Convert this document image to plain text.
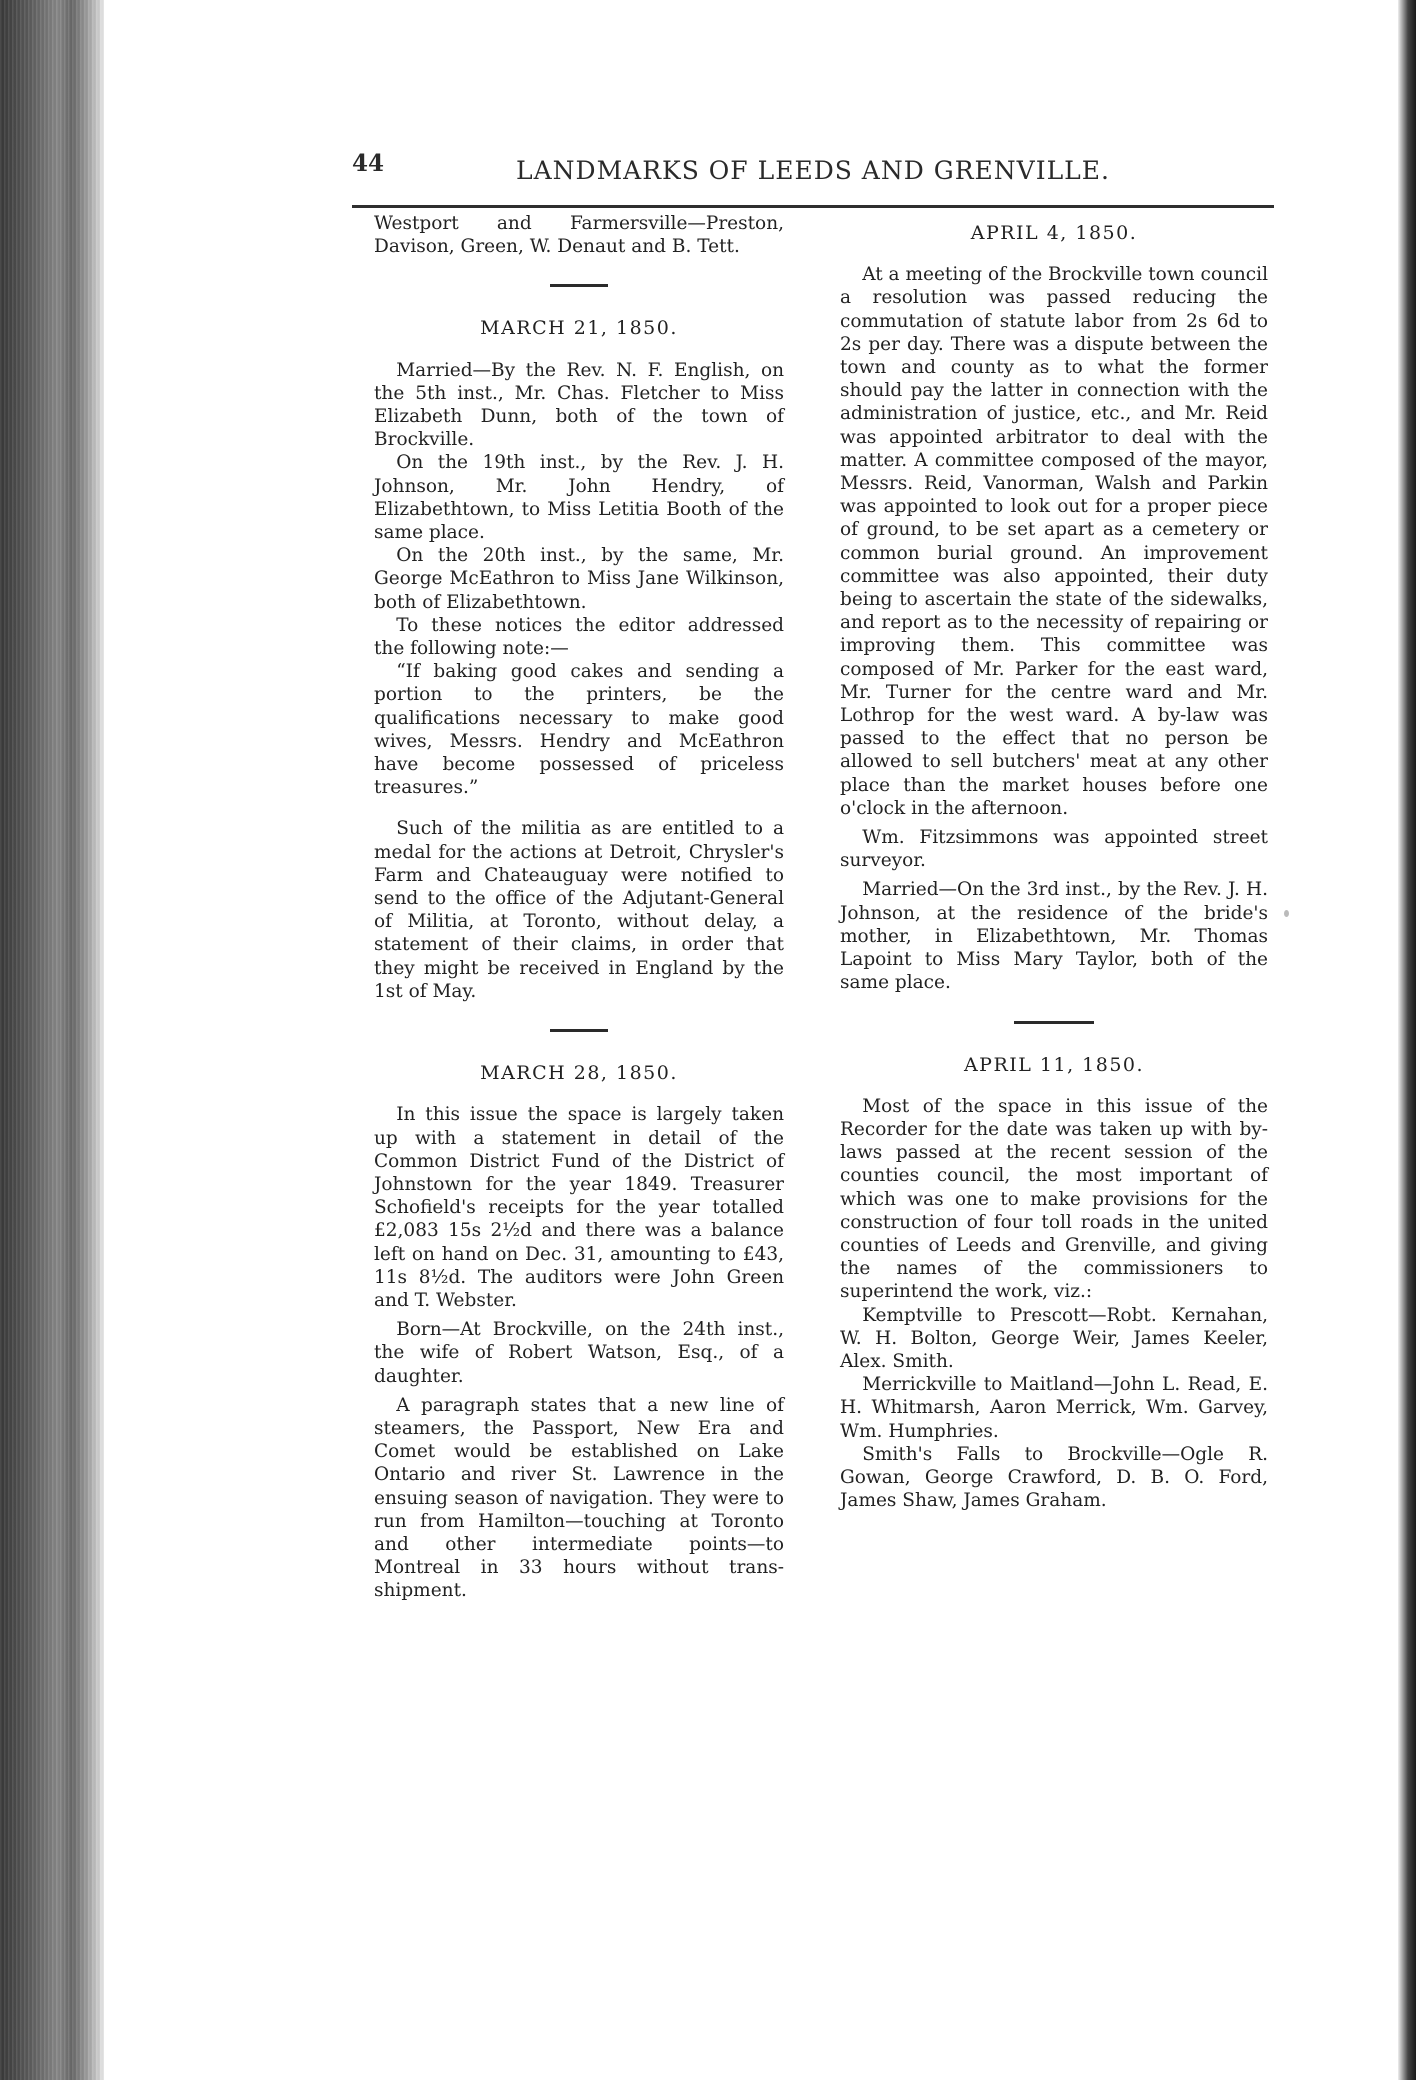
44	LANDMARKS OF LEEDS AND GRENVILLE.

Westport and Farmersville—Preston, Davison, Green, W. Denaut and B. Tett.

MARCH 21, 1850.

Married—By the Rev. N. F. English, on the 5th inst., Mr. Chas. Fletcher to Miss Elizabeth Dunn, both of the town of Brockville.

On the 19th inst., by the Rev. J. H. Johnson, Mr. John Hendry, of Elizabethtown, to Miss Letitia Booth of the same place.

On the 20th inst., by the same, Mr. George McEathron to Miss Jane Wilkinson, both of Elizabethtown.

To these notices the editor addressed the following note:—

“If baking good cakes and sending a portion to the printers, be the qualifications necessary to make good wives, Messrs. Hendry and McEathron have become possessed of priceless treasures.”

Such of the militia as are entitled to a medal for the actions at Detroit, Chrysler's Farm and Chateauguay were notified to send to the office of the Adjutant-General of Militia, at Toronto, without delay, a statement of their claims, in order that they might be received in England by the 1st of May.

MARCH 28, 1850.

In this issue the space is largely taken up with a statement in detail of the Common District Fund of the District of Johnstown for the year 1849. Treasurer Schofield's receipts for the year totalled £2,083 15s 2½d and there was a balance left on hand on Dec. 31, amounting to £43, 11s 8½d. The auditors were John Green and T. Webster.

Born—At Brockville, on the 24th inst., the wife of Robert Watson, Esq., of a daughter.

A paragraph states that a new line of steamers, the Passport, New Era and Comet would be established on Lake Ontario and river St. Lawrence in the ensuing season of navigation. They were to run from Hamilton—touching at Toronto and other intermediate points—to Montreal in 33 hours without trans-shipment.

APRIL 4, 1850.

At a meeting of the Brockville town council a resolution was passed reducing the commutation of statute labor from 2s 6d to 2s per day. There was a dispute between the town and county as to what the former should pay the latter in connection with the administration of justice, etc., and Mr. Reid was appointed arbitrator to deal with the matter. A committee composed of the mayor, Messrs. Reid, Vanorman, Walsh and Parkin was appointed to look out for a proper piece of ground, to be set apart as a cemetery or common burial ground. An improvement committee was also appointed, their duty being to ascertain the state of the sidewalks, and report as to the necessity of repairing or improving them. This committee was composed of Mr. Parker for the east ward, Mr. Turner for the centre ward and Mr. Lothrop for the west ward. A by-law was passed to the effect that no person be allowed to sell butchers' meat at any other place than the market houses before one o'clock in the afternoon.

Wm. Fitzsimmons was appointed street surveyor.

Married—On the 3rd inst., by the Rev. J. H. Johnson, at the residence of the bride's mother, in Elizabethtown, Mr. Thomas Lapoint to Miss Mary Taylor, both of the same place.

APRIL 11, 1850.

Most of the space in this issue of the Recorder for the date was taken up with by-laws passed at the recent session of the counties council, the most important of which was one to make provisions for the construction of four toll roads in the united counties of Leeds and Grenville, and giving the names of the commissioners to superintend the work, viz.:

Kemptville to Prescott—Robt. Kernahan, W. H. Bolton, George Weir, James Keeler, Alex. Smith.

Merrickville to Maitland—John L. Read, E. H. Whitmarsh, Aaron Merrick, Wm. Garvey, Wm. Humphries.

Smith's Falls to Brockville—Ogle R. Gowan, George Crawford, D. B. O. Ford, James Shaw, James Graham.
